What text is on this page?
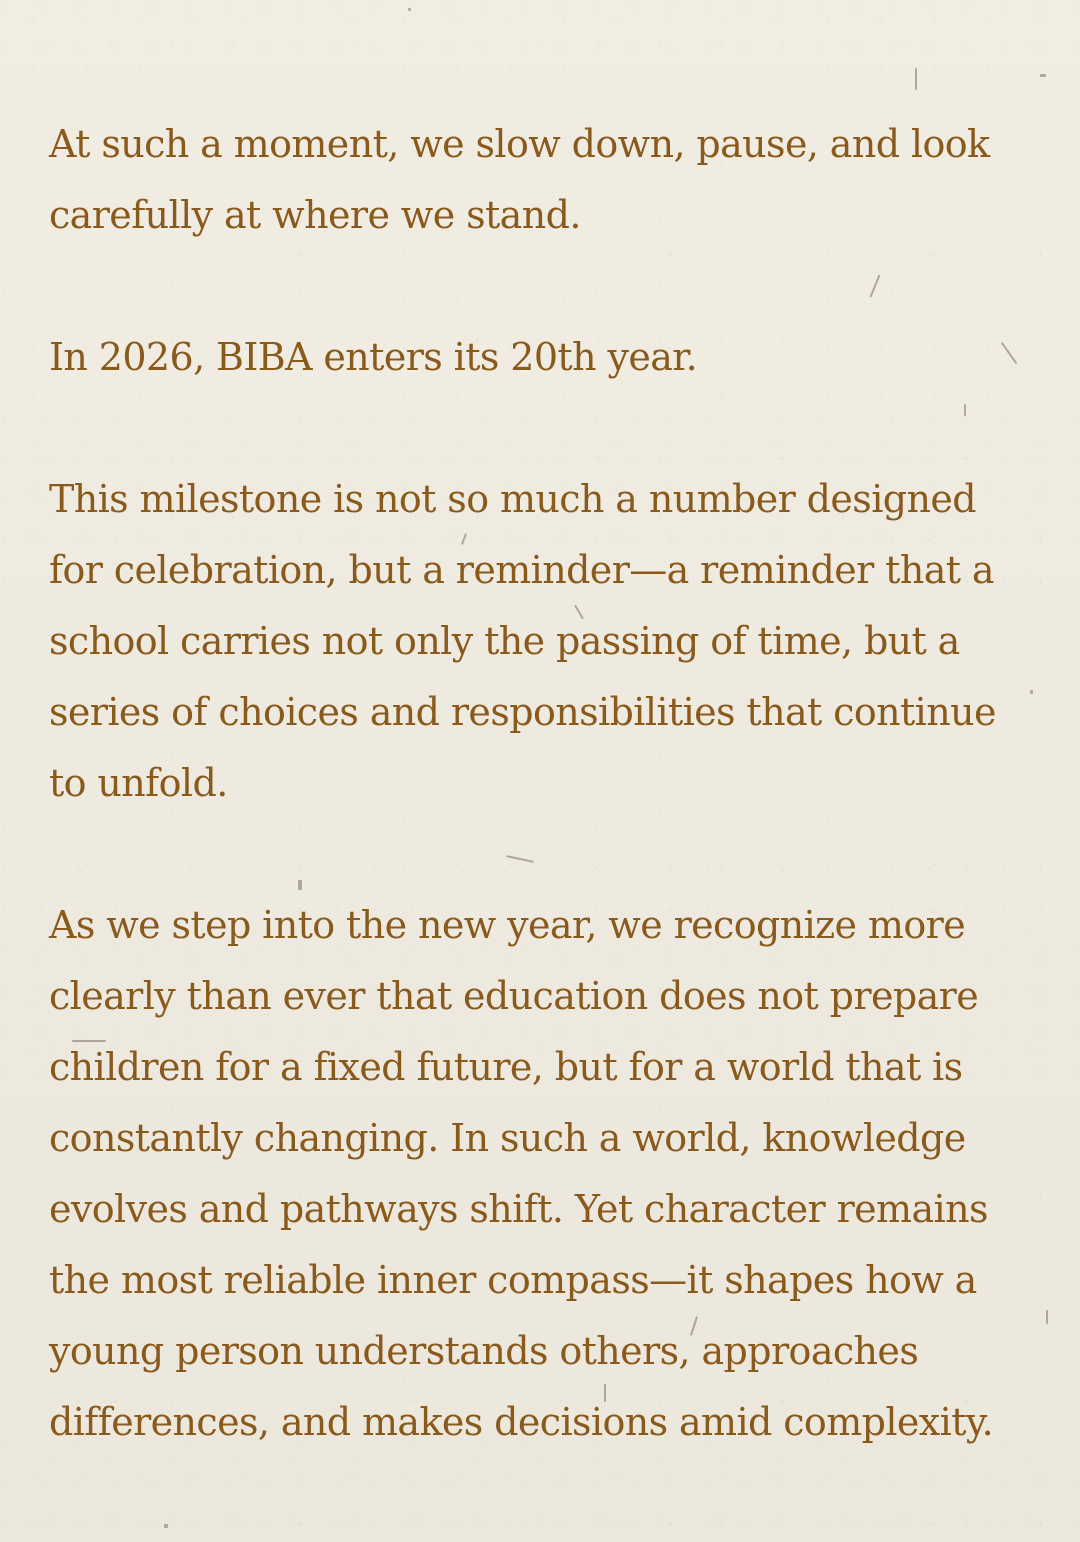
At such a moment, we slow down, pause, and look carefully at where we stand.

In 2026, BIBA enters its 20th year.

This milestone is not so much a number designed for celebration, but a reminder—a reminder that a school carries not only the passing of time, but a series of choices and responsibilities that continue to unfold.

As we step into the new year, we recognize more clearly than ever that education does not prepare children for a fixed future, but for a world that is constantly changing. In such a world, knowledge evolves and pathways shift. Yet character remains the most reliable inner compass—it shapes how a young person understands others, approaches differences, and makes decisions amid complexity.
